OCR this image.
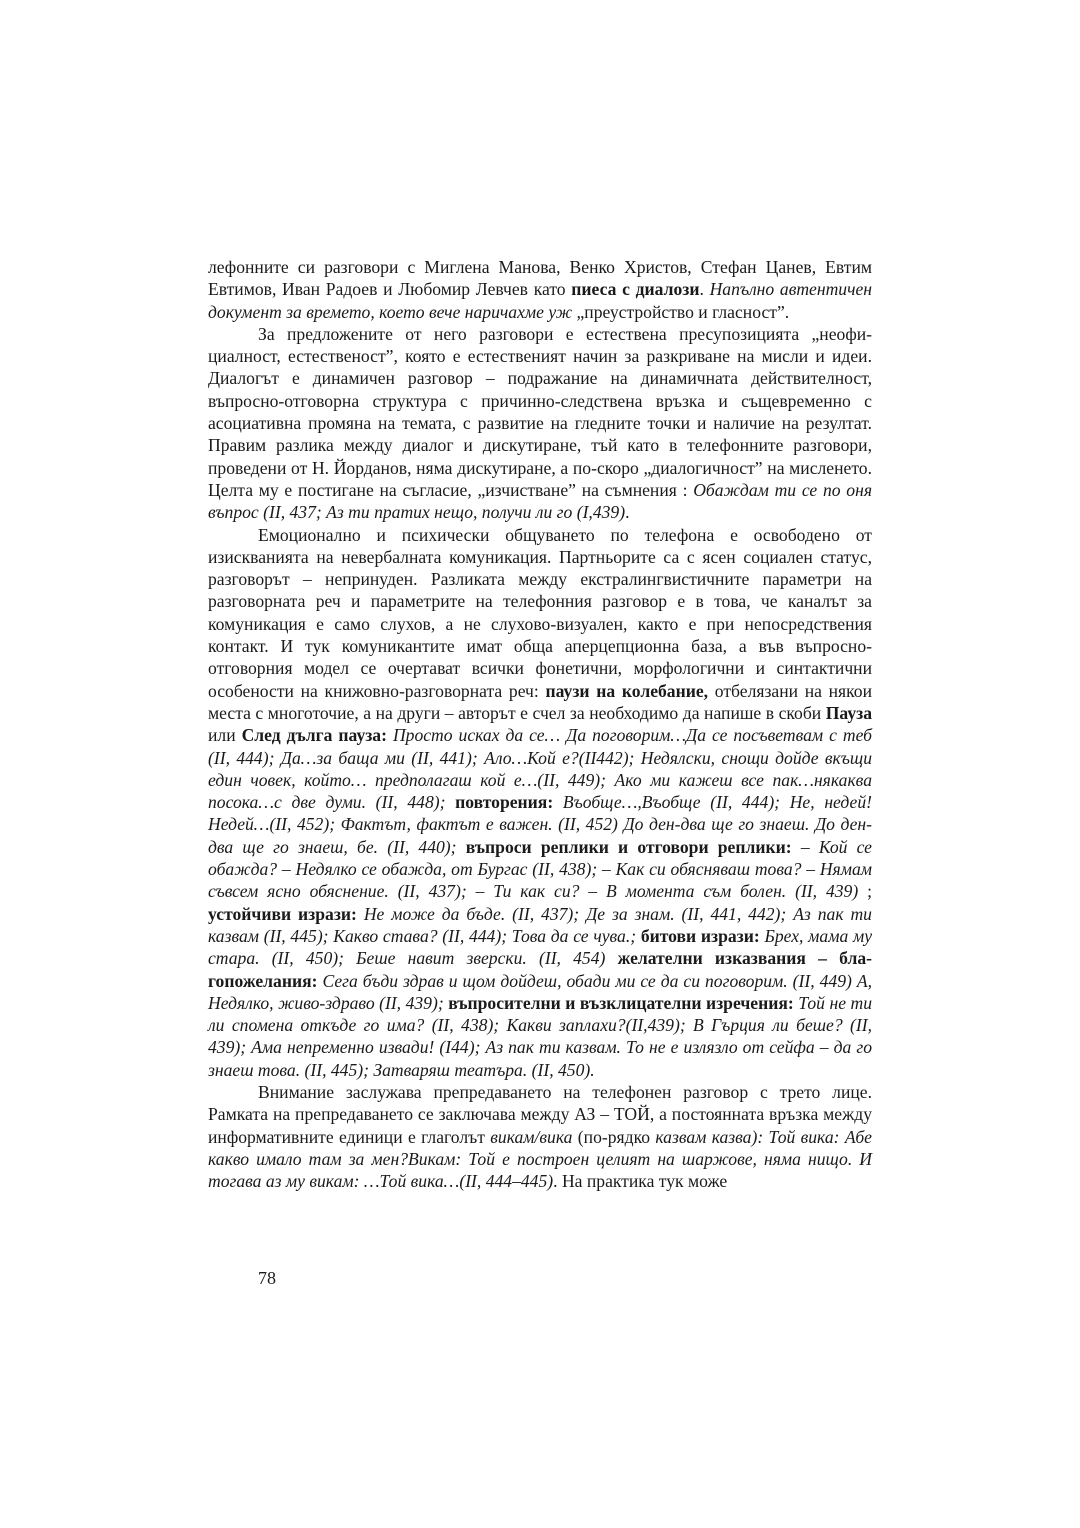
лефонните си разговори с Миглена Манова, Венко Христов, Стефан Цанев, Евтим Евтимов, Иван Радоев и Любомир Левчев като пиеса с диалози. Напълно автентичен документ за времето, което вече наричахме уж „преустройство и гласност”.

За предложените от него разговори е естествена пресупозицията „неофициалност, естественост”, която е естественият начин за разкриване на мисли и идеи. Диалогът е динамичен разговор – подражание на динамичната действителност, въпросно-отговорна структура с причинно-следствена връзка и същевременно с асоциативна промяна на темата, с развитие на гледните точки и наличие на резултат. Правим разлика между диалог и дискутиране, тъй като в телефонните разговори, проведени от Н. Йорданов, няма дискутиране, а по-скоро „диалогичност” на мисленето. Целта му е постигане на съгласие, „изчистване” на съмнения : Обаждам ти се по оня въпрос (II, 437; Аз ти пратих нещо, получи ли го (I,439).

Емоционално и психически общуването по телефона е освободено от изискванията на невербалната комуникация. Партньорите са с ясен социален статус, разговорът – непринуден. Разликата между екстралингвистичните параметри на разговорната реч и параметрите на телефонния разговор е в това, че каналът за комуникация е само слухов, а не слухово-визуален, както е при непосредствения контакт. И тук комуникантите имат обща аперцепционна база, а във въпросно-отговорния модел се очертават всички фонетични, морфологични и синтактични особености на книжовно-разговорната реч: паузи на колебание, отбелязани на някои места с многоточие, а на други – авторът е счел за необходимо да напише в скоби Пауза или След дълга пауза: Просто исках да се… Да поговорим…Да се посъветвам с теб (II, 444); Да…за баща ми (II, 441); Ало…Кой е?(II442); Недялски, снощи дойде вкъщи един човек, който… предполагаш кой е…(II, 449); Ако ми кажеш все пак…някаква посока…с две думи. (II, 448); повторения: Въобще…,Въобще (II, 444); Не, недей! Недей…(II, 452); Фактът, фактът е важен. (II, 452) До ден-два ще го знаеш. До ден-два ще го знаеш, бе. (II, 440); въпроси реплики и отговори реплики: – Кой се обажда? – Недялко се обажда, от Бургас (II, 438); – Как си обясняваш това? – Нямам съвсем ясно обяснение. (II, 437); – Ти как си? – В момента съм болен. (II, 439) ; устойчиви изрази: Не може да бъде. (II, 437); Де за знам. (II, 441, 442); Аз пак ти казвам (II, 445); Какво става? (II, 444); Това да се чува.; битови изрази: Брех, мама му стара. (II, 450); Беше навит зверски. (II, 454) желателни изказвания – благопожелания: Сега бъди здрав и щом дойдеш, обади ми се да си поговорим. (II, 449) А, Недялко, живо-здраво (II, 439); въпросителни и възклицателни изречения: Той не ти ли спомена откъде го има? (II, 438); Какви заплахи?(II,439); В Гърция ли беше? (II, 439); Ама непременно извади! (I44); Аз пак ти казвам. То не е излязло от сейфа – да го знаеш това. (II, 445); Затваряш театъра. (II, 450).

Внимание заслужава препредаването на телефонен разговор с трето лице. Рамката на препредаването се заключава между АЗ – ТОЙ, а постоянната връзка между информативните единици е глаголът викам/вика (по-рядко казвам казва): Той вика: Абе какво имало там за мен?Викам: Той е построен целият на шаржове, няма нищо. И тогава аз му викам: …Той вика…(II, 444–445). На практика тук може

78
